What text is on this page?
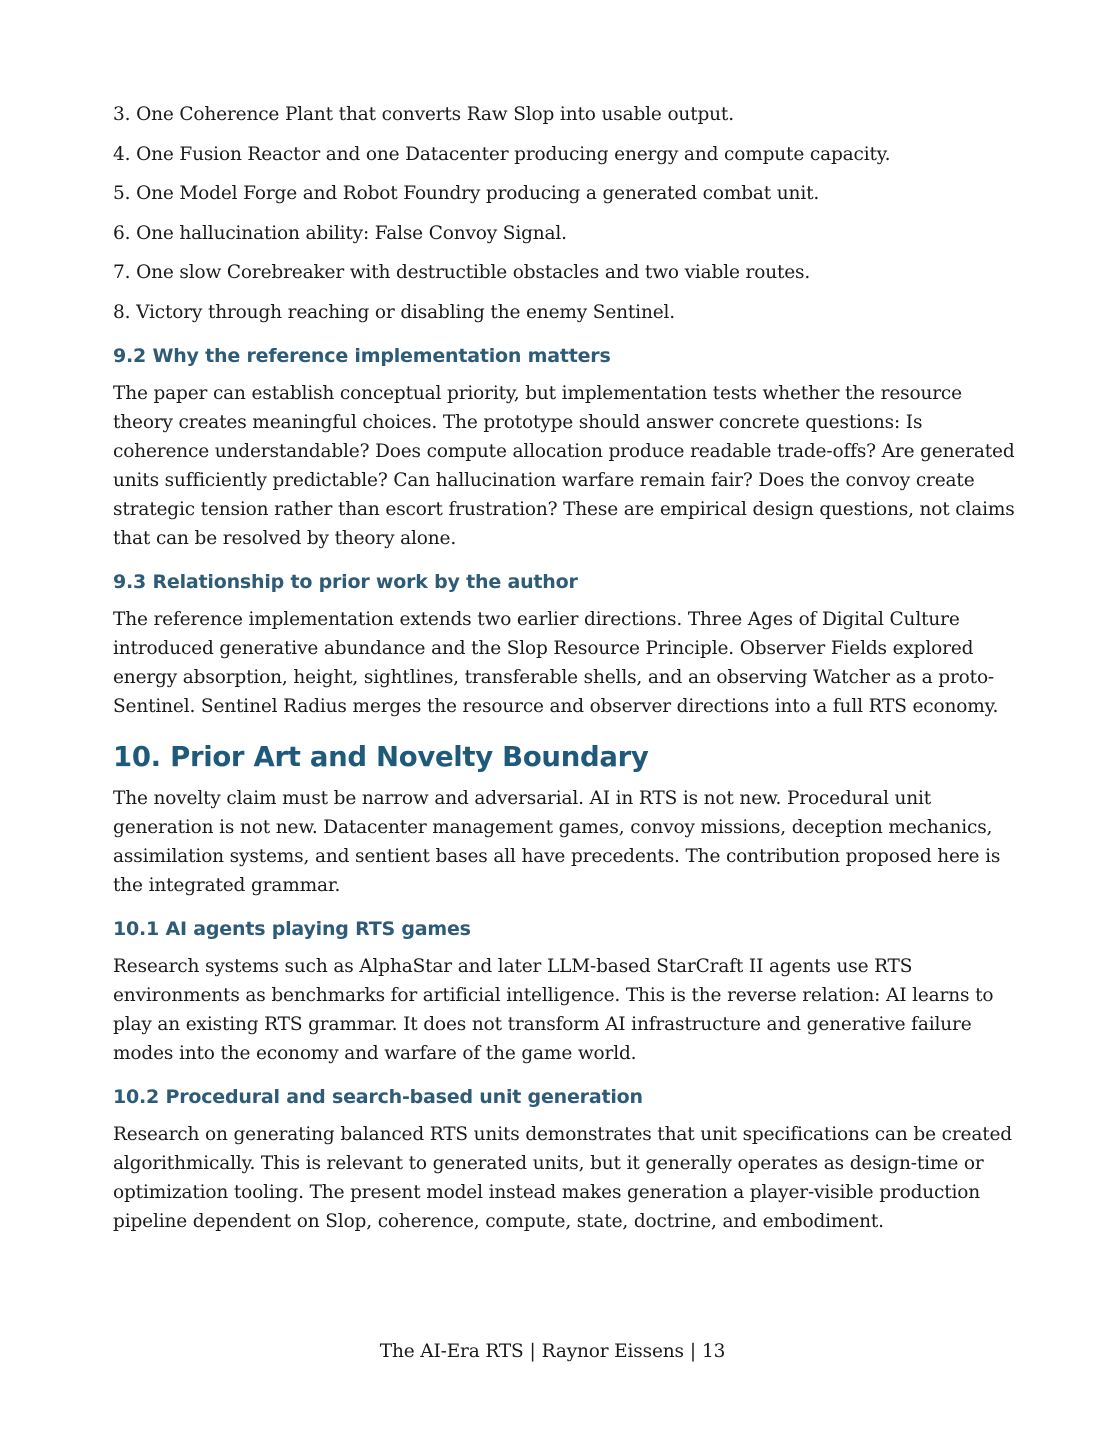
3. One Coherence Plant that converts Raw Slop into usable output.
4. One Fusion Reactor and one Datacenter producing energy and compute capacity.
5. One Model Forge and Robot Foundry producing a generated combat unit.
6. One hallucination ability: False Convoy Signal.
7. One slow Corebreaker with destructible obstacles and two viable routes.
8. Victory through reaching or disabling the enemy Sentinel.
9.2 Why the reference implementation matters
The paper can establish conceptual priority, but implementation tests whether the resource
theory creates meaningful choices. The prototype should answer concrete questions: Is
coherence understandable? Does compute allocation produce readable trade-offs? Are generated
units sufficiently predictable? Can hallucination warfare remain fair? Does the convoy create
strategic tension rather than escort frustration? These are empirical design questions, not claims
that can be resolved by theory alone.
9.3 Relationship to prior work by the author
The reference implementation extends two earlier directions. Three Ages of Digital Culture
introduced generative abundance and the Slop Resource Principle. Observer Fields explored
energy absorption, height, sightlines, transferable shells, and an observing Watcher as a proto-
Sentinel. Sentinel Radius merges the resource and observer directions into a full RTS economy.
10. Prior Art and Novelty Boundary
The novelty claim must be narrow and adversarial. AI in RTS is not new. Procedural unit
generation is not new. Datacenter management games, convoy missions, deception mechanics,
assimilation systems, and sentient bases all have precedents. The contribution proposed here is
the integrated grammar.
10.1 AI agents playing RTS games
Research systems such as AlphaStar and later LLM-based StarCraft II agents use RTS
environments as benchmarks for artificial intelligence. This is the reverse relation: AI learns to
play an existing RTS grammar. It does not transform AI infrastructure and generative failure
modes into the economy and warfare of the game world.
10.2 Procedural and search-based unit generation
Research on generating balanced RTS units demonstrates that unit specifications can be created
algorithmically. This is relevant to generated units, but it generally operates as design-time or
optimization tooling. The present model instead makes generation a player-visible production
pipeline dependent on Slop, coherence, compute, state, doctrine, and embodiment.
The AI-Era RTS | Raynor Eissens | 13
